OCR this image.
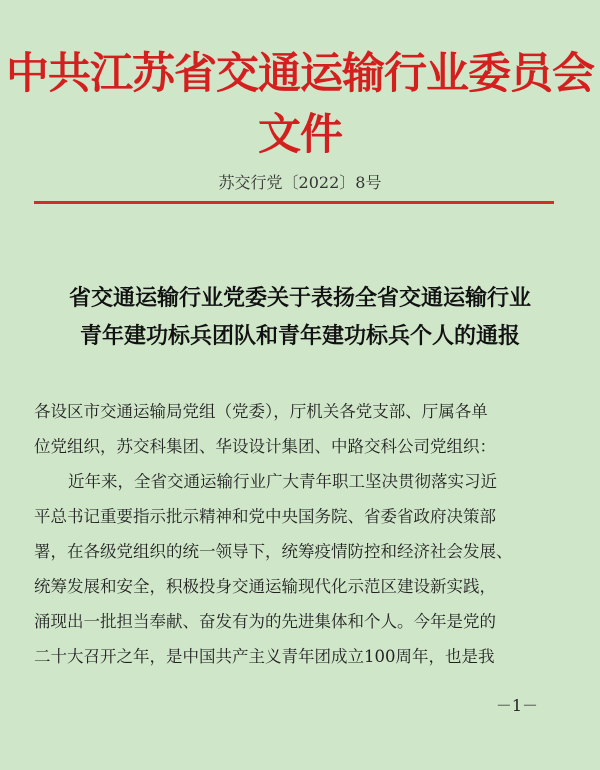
中共江苏省交通运输行业委员会文件
苏交行党〔2022〕8号
省交通运输行业党委关于表扬全省交通运输行业
青年建功标兵团队和青年建功标兵个人的通报
各设区市交通运输局党组（党委），厅机关各党支部、厅属各单
位党组织，苏交科集团、华设设计集团、中路交科公司党组织：
近年来，全省交通运输行业广大青年职工坚决贯彻落实习近
平总书记重要指示批示精神和党中央国务院、省委省政府决策部
署，在各级党组织的统一领导下，统筹疫情防控和经济社会发展、
统筹发展和安全，积极投身交通运输现代化示范区建设新实践，
涌现出一批担当奉献、奋发有为的先进集体和个人。今年是党的
二十大召开之年，是中国共产主义青年团成立100周年，也是我
－1－
